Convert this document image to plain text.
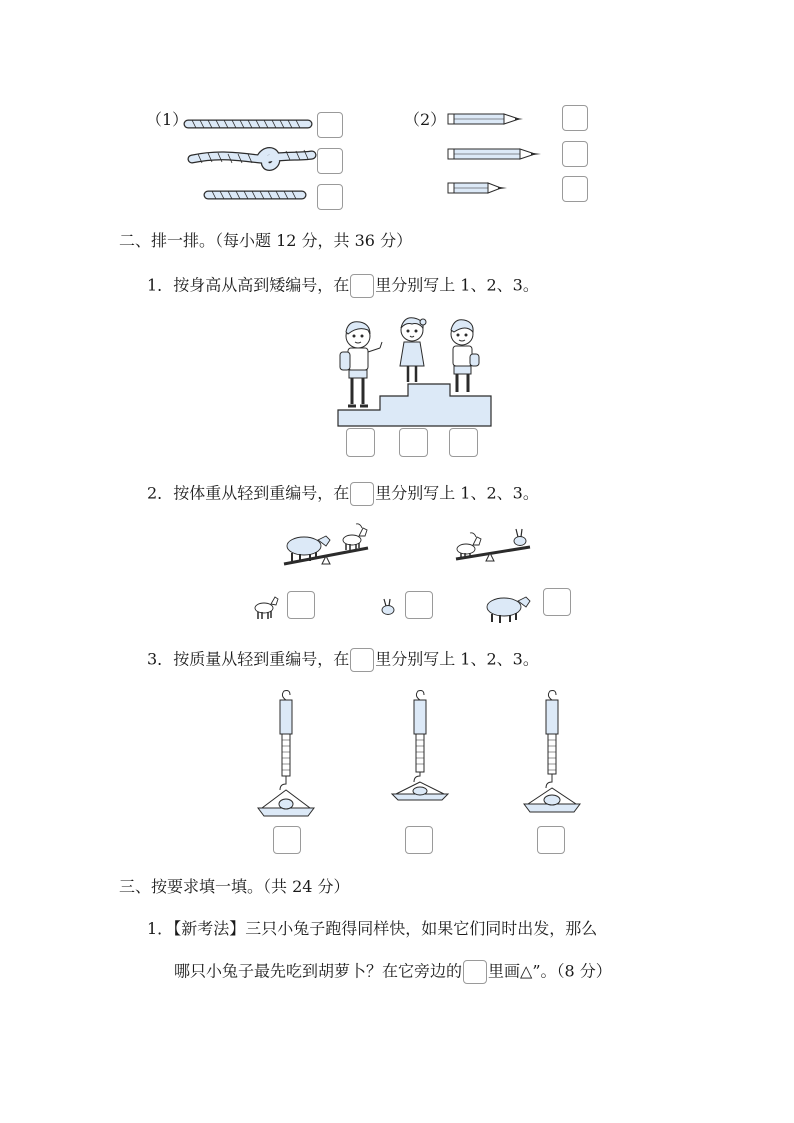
（1）	（2）
二、排一排。（每小题 12 分，共 36 分）
1．按身高从高到矮编号，在 里分别写上 1、2、3。
2．按体重从轻到重编号，在 里分别写上 1、2、3。
3．按质量从轻到重编号，在 里分别写上 1、2、3。
三、按要求填一填。（共 24 分）
1．【新考法】三只小兔子跑得同样快，如果它们同时出发，那么
哪只小兔子最先吃到胡萝卜？在它旁边的 里画△”。（8 分）
